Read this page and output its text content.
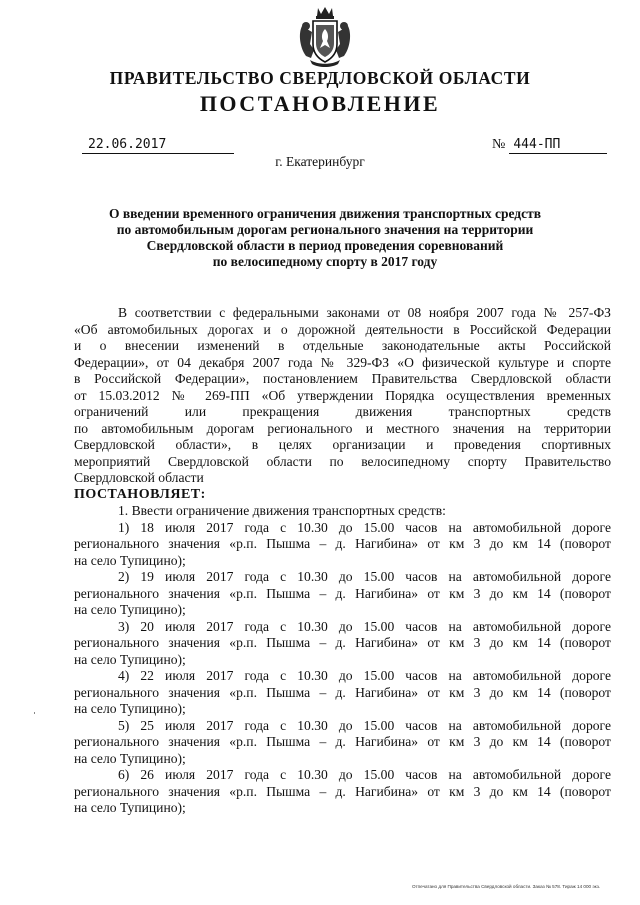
ПРАВИТЕЛЬСТВО СВЕРДЛОВСКОЙ ОБЛАСТИ
ПОСТАНОВЛЕНИЕ
22.06.2017	№ 444-ПП
г. Екатеринбург
О введении временного ограничения движения транспортных средств
по автомобильным дорогам регионального значения на территории
Свердловской области в период проведения соревнований
по велосипедному спорту в 2017 году
В соответствии с федеральными законами от 08 ноября 2007 года № 257-ФЗ
«Об автомобильных дорогах и о дорожной деятельности в Российской Федерации
и о внесении изменений в отдельные законодательные акты Российской
Федерации», от 04 декабря 2007 года № 329-ФЗ «О физической культуре и спорте
в Российской Федерации», постановлением Правительства Свердловской области
от 15.03.2012 № 269-ПП «Об утверждении Порядка осуществления временных
ограничений или прекращения движения транспортных средств
по автомобильным дорогам регионального и местного значения на территории
Свердловской области», в целях организации и проведения спортивных
мероприятий Свердловской области по велосипедному спорту Правительство
Свердловской области
ПОСТАНОВЛЯЕТ:
1. Ввести ограничение движения транспортных средств:
1) 18 июля 2017 года с 10.30 до 15.00 часов на автомобильной дороге
регионального значения «р.п. Пышма – д. Нагибина» от км 3 до км 14 (поворот
на село Тупицино);
2) 19 июля 2017 года с 10.30 до 15.00 часов на автомобильной дороге
регионального значения «р.п. Пышма – д. Нагибина» от км 3 до км 14 (поворот
на село Тупицино);
3) 20 июля 2017 года с 10.30 до 15.00 часов на автомобильной дороге
регионального значения «р.п. Пышма – д. Нагибина» от км 3 до км 14 (поворот
на село Тупицино);
4) 22 июля 2017 года с 10.30 до 15.00 часов на автомобильной дороге
регионального значения «р.п. Пышма – д. Нагибина» от км 3 до км 14 (поворот
на село Тупицино);
5) 25 июля 2017 года с 10.30 до 15.00 часов на автомобильной дороге
регионального значения «р.п. Пышма – д. Нагибина» от км 3 до км 14 (поворот
на село Тупицино);
6) 26 июля 2017 года с 10.30 до 15.00 часов на автомобильной дороге
регионального значения «р.п. Пышма – д. Нагибина» от км 3 до км 14 (поворот
на село Тупицино);
Отпечатано для Правительства Свердловской области. Заказ № 578. Тираж 14 000 экз.
